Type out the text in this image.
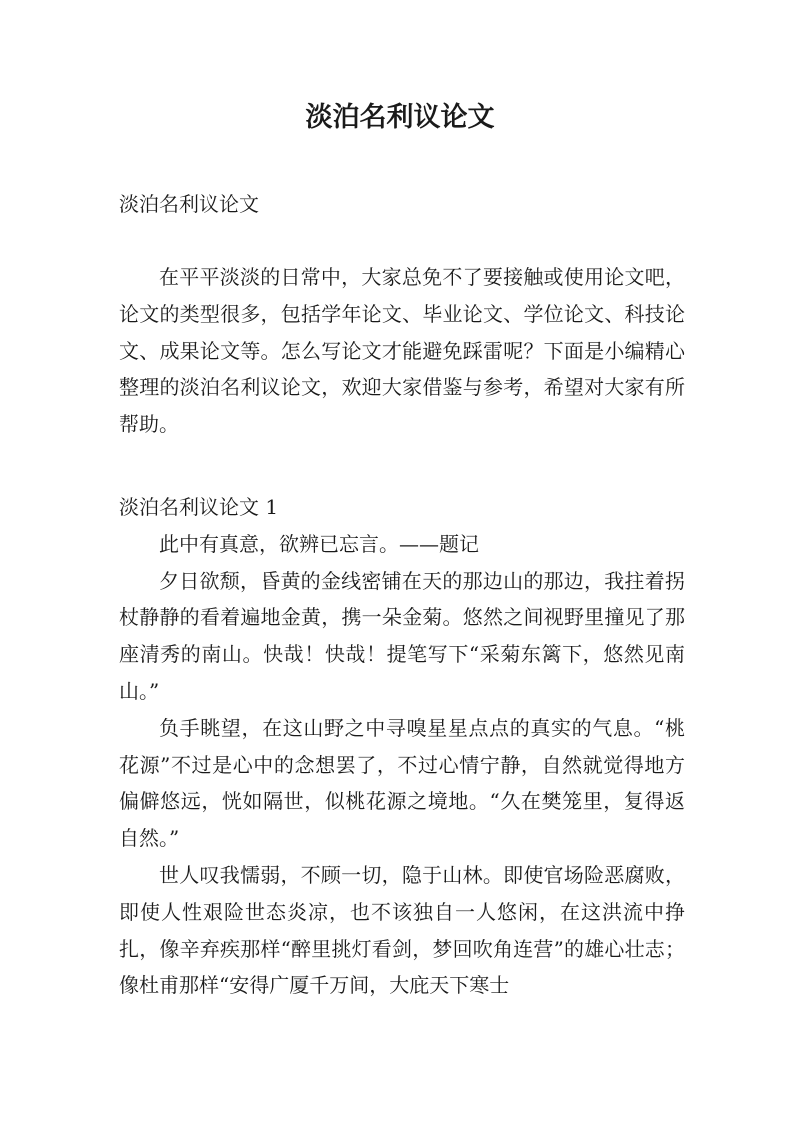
淡泊名利议论文
淡泊名利议论文

在平平淡淡的日常中，大家总免不了要接触或使用论文吧，论文的类型很多，包括学年论文、毕业论文、学位论文、科技论文、成果论文等。怎么写论文才能避免踩雷呢？下面是小编精心整理的淡泊名利议论文，欢迎大家借鉴与参考，希望对大家有所帮助。

淡泊名利议论文 1

此中有真意，欲辨已忘言。——题记

夕日欲颓，昏黄的金线密铺在天的那边山的那边，我拄着拐杖静静的看着遍地金黄，携一朵金菊。悠然之间视野里撞见了那座清秀的南山。快哉！快哉！提笔写下“采菊东篱下，悠然见南山。”

负手眺望，在这山野之中寻嗅星星点点的真实的气息。“桃花源”不过是心中的念想罢了，不过心情宁静，自然就觉得地方偏僻悠远，恍如隔世，似桃花源之境地。“久在樊笼里，复得返自然。”

世人叹我懦弱，不顾一切，隐于山林。即使官场险恶腐败，即使人性艰险世态炎凉，也不该独自一人悠闲，在这洪流中挣扎，像辛弃疾那样“醉里挑灯看剑，梦回吹角连营”的雄心壮志；像杜甫那样“安得广厦千万间，大庇天下寒士
